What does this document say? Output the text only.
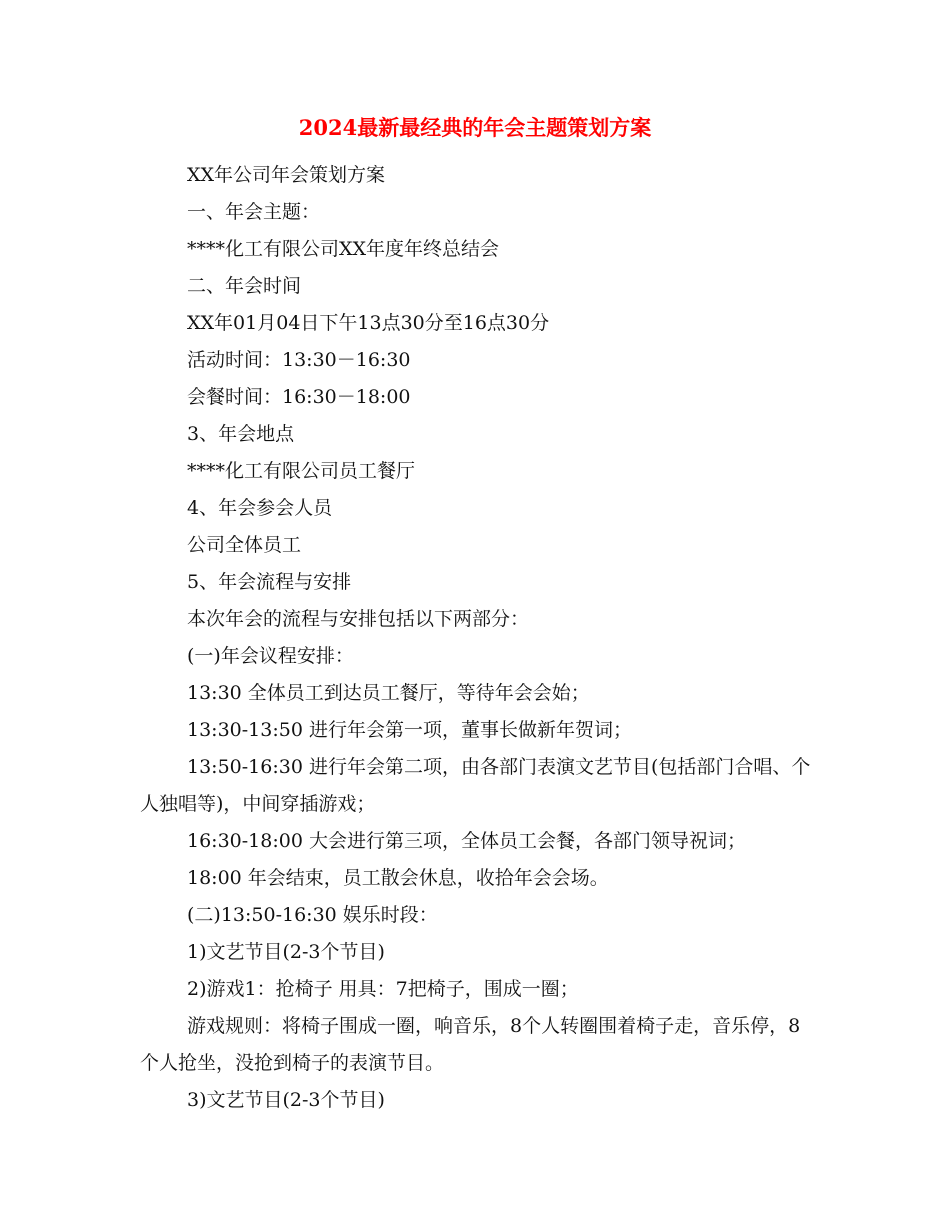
2024最新最经典的年会主题策划方案

XX年公司年会策划方案

一、年会主题：

****化工有限公司XX年度年终总结会

二、年会时间

XX年01月04日下午13点30分至16点30分

活动时间：13:30－16:30

会餐时间：16:30－18:00

3、年会地点

****化工有限公司员工餐厅

4、年会参会人员

公司全体员工

5、年会流程与安排

本次年会的流程与安排包括以下两部分：

(一)年会议程安排：

13:30 全体员工到达员工餐厅，等待年会会始；

13:30-13:50 进行年会第一项，董事长做新年贺词；

13:50-16:30 进行年会第二项，由各部门表演文艺节目(包括部门合唱、个人独唱等)，中间穿插游戏；

16:30-18:00 大会进行第三项，全体员工会餐，各部门领导祝词；

18:00 年会结束，员工散会休息，收拾年会会场。

(二)13:50-16:30 娱乐时段：

1)文艺节目(2-3个节目)

2)游戏1：抢椅子 用具：7把椅子，围成一圈；

游戏规则：将椅子围成一圈，响音乐，8个人转圈围着椅子走，音乐停，8个人抢坐，没抢到椅子的表演节目。

3)文艺节目(2-3个节目)
